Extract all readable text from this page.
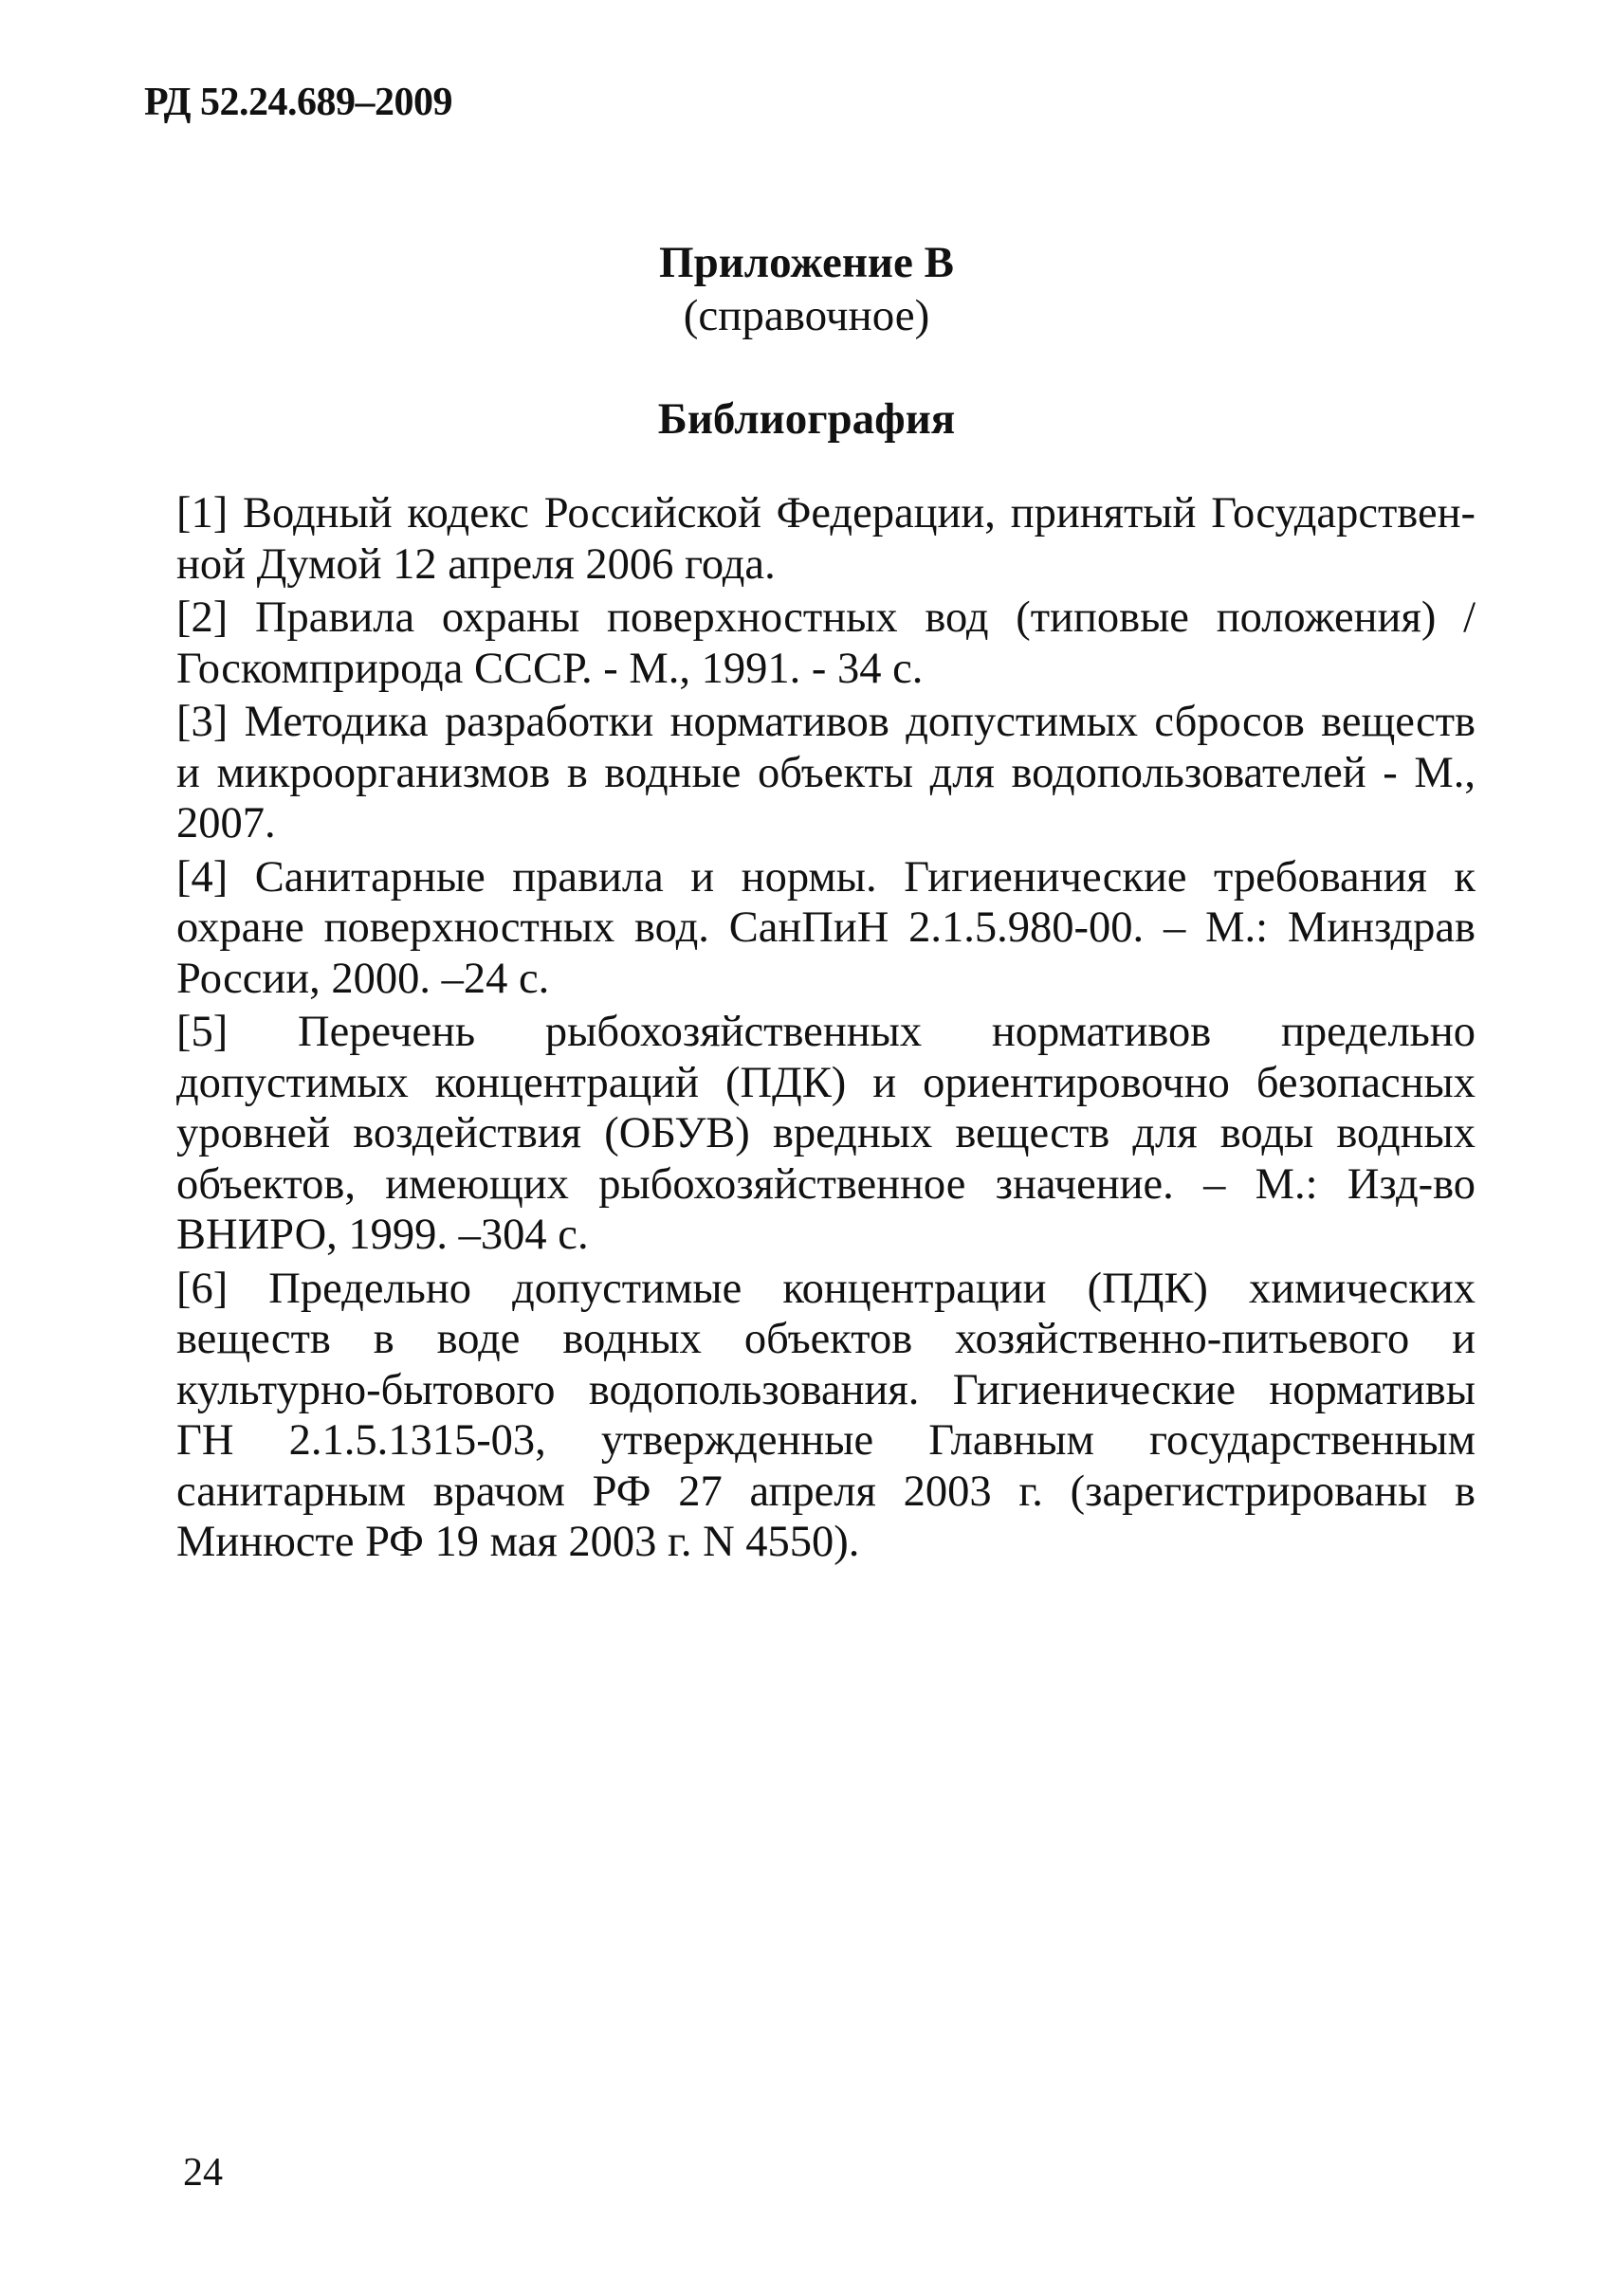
РД 52.24.689–2009
Приложение В
(справочное)
Библиография

[1] Водный кодекс Российской Федерации, принятый Государственной Думой 12 апреля 2006 года.

[2] Правила охраны поверхностных вод (типовые положения) /Госкомприрода СССР. - М., 1991. - 34 с.

[3] Методика разработки нормативов допустимых сбросов веществ и микроорганизмов в водные объекты для водопользователей - М., 2007.

[4] Санитарные правила и нормы. Гигиенические требования к охране поверхностных вод. СанПиН 2.1.5.980-00. – М.: Минздрав России, 2000. –24 с.

[5] Перечень рыбохозяйственных нормативов предельно допустимых концентраций (ПДК) и ориентировочно безопасных уровней воздействия (ОБУВ) вредных веществ для воды водных объектов, имеющих рыбохозяйственное значение. – М.: Изд-во ВНИРО, 1999. –304 с.

[6] Предельно допустимые концентрации (ПДК) химических веществ в воде водных объектов хозяйственно-питьевого и культурно-бытового водопользования. Гигиенические нормативы ГН 2.1.5.1315-03, утвержденные Главным государственным санитарным врачом РФ 27 апреля 2003 г. (зарегистрированы в Минюсте РФ 19 мая 2003 г. N 4550).

24
